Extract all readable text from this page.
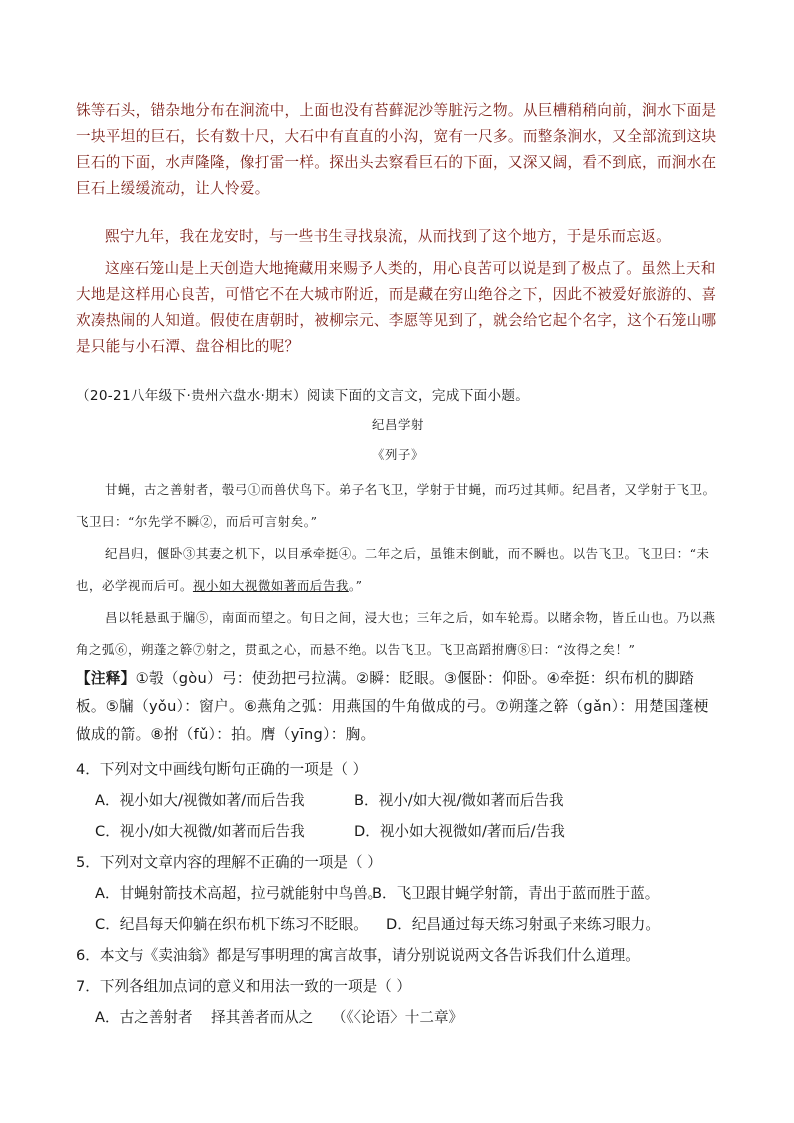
铢等石头，错杂地分布在涧流中，上面也没有苔藓泥沙等脏污之物。从巨槽稍稍向前，涧水下面是一块平坦的巨石，长有数十尺，大石中有直直的小沟，宽有一尺多。而整条涧水，又全部流到这块巨石的下面，水声隆隆，像打雷一样。探出头去察看巨石的下面，又深又阔，看不到底，而涧水在巨石上缓缓流动，让人怜爱。
熙宁九年，我在龙安时，与一些书生寻找泉流，从而找到了这个地方，于是乐而忘返。
这座石笼山是上天创造大地掩藏用来赐予人类的，用心良苦可以说是到了极点了。虽然上天和大地是这样用心良苦，可惜它不在大城市附近，而是藏在穷山绝谷之下，因此不被爱好旅游的、喜欢凑热闹的人知道。假使在唐朝时，被柳宗元、李愿等见到了，就会给它起个名字，这个石笼山哪是只能与小石潭、盘谷相比的呢？
（20-21八年级下·贵州六盘水·期末）阅读下面的文言文，完成下面小题。
纪昌学射
《列子》
甘蝇，古之善射者，彀弓①而兽伏鸟下。弟子名飞卫，学射于甘蝇，而巧过其师。纪昌者，又学射于飞卫。飞卫曰：“尔先学不瞬②，而后可言射矣。”
纪昌归，偃卧③其妻之机下，以目承牵挺④。二年之后，虽锥末倒眦，而不瞬也。以告飞卫。飞卫曰：“未也，必学视而后可。视小如大视微如著而后告我。”
昌以牦悬虱于牖⑤，南面而望之。旬日之间，浸大也；三年之后，如车轮焉。以睹余物，皆丘山也。乃以燕角之弧⑥，朔蓬之簳⑦射之，贯虱之心，而悬不绝。以告飞卫。飞卫高蹈拊膺⑧曰：“汝得之矣！”
【注释】①彀（gòu）弓：使劲把弓拉满。②瞬：眨眼。③偃卧：仰卧。④牵挺：织布机的脚踏板。⑤牖（yǒu）：窗户。⑥燕角之弧：用燕国的牛角做成的弓。⑦朔蓬之簳（gǎn）：用楚国蓬梗做成的箭。⑧拊（fǔ）：拍。膺（yīng）：胸。
4．下列对文中画线句断句正确的一项是（ ）
A．视小如大/视微如著/而后告我	B．视小/如大视/微如著而后告我
C．视小/如大视微/如著而后告我	D．视小如大视微如/著而后/告我
5．下列对文章内容的理解不正确的一项是（ ）
A．甘蝇射箭技术高超，拉弓就能射中鸟兽。
B．飞卫跟甘蝇学射箭，青出于蓝而胜于蓝。
C．纪昌每天仰躺在织布机下练习不眨眼。 D．纪昌通过每天练习射虱子来练习眼力。
6．本文与《卖油翁》都是写事明理的寓言故事，请分别说说两文各告诉我们什么道理。
7．下列各组加点词的意义和用法一致的一项是（ ）
A．古之善射者    择其善者而从之    （《〈论语〉十二章》
